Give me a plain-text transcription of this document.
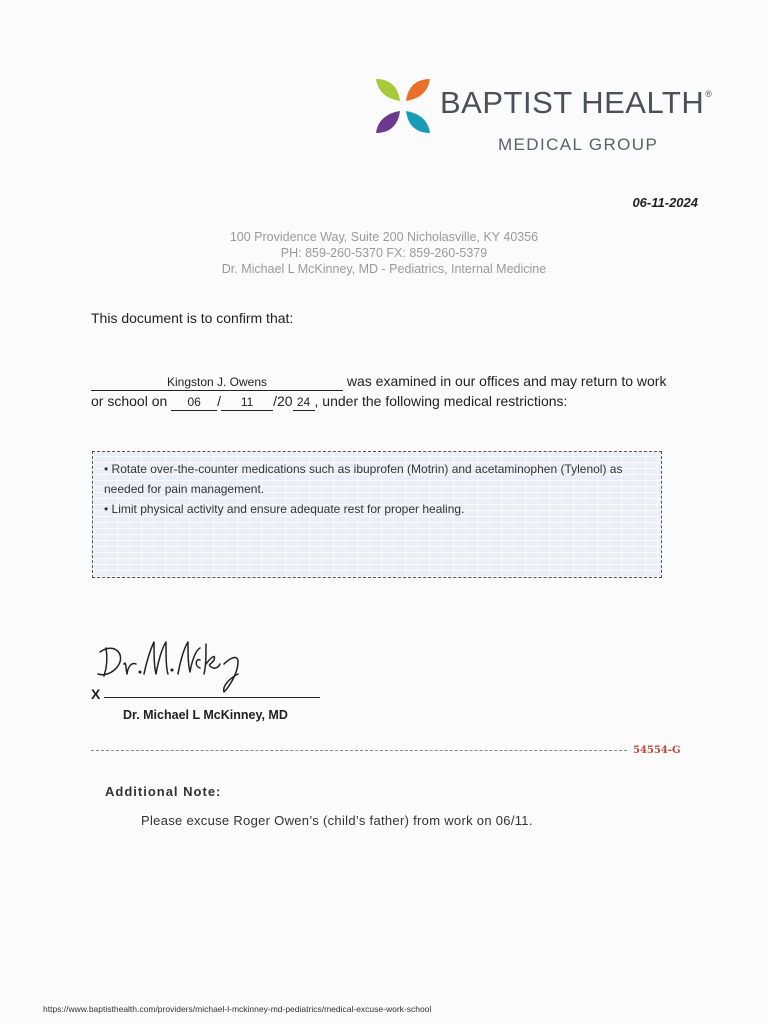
BAPTIST HEALTH®
MEDICAL GROUP
06-11-2024
100 Providence Way, Suite 200 Nicholasville, KY 40356
PH: 859-260-5370 FX: 859-260-5379
Dr. Michael L McKinney, MD - Pediatrics, Internal Medicine
This document is to confirm that:
Kingston J. Owens	was examined in our offices and may return to work
or school on 06 / 11 /20 24 , under the following medical restrictions:
• Rotate over-the-counter medications such as ibuprofen (Motrin) and acetaminophen (Tylenol) as needed for pain management.
• Limit physical activity and ensure adequate rest for proper healing.
X
Dr. Michael L McKinney, MD
54554-G
Additional Note:
Please excuse Roger Owen’s (child’s father) from work on 06/11.
https://www.baptisthealth.com/providers/michael-l-mckinney-md-pediatrics/medical-excuse-work-school
